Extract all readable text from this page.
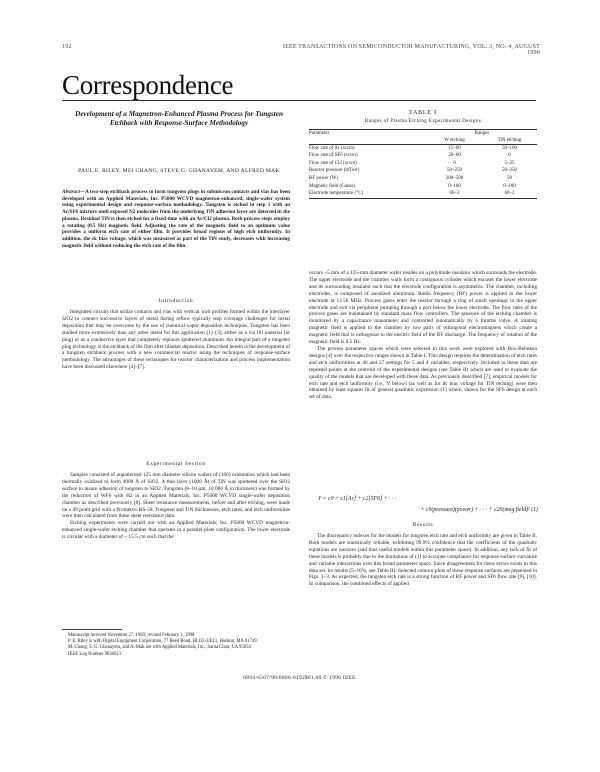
192	IEEE TRANSACTIONS ON SEMICONDUCTOR MANUFACTURING, VOL. 3, NO. 4, AUGUST 1990
Correspondence
Development of a Magnetron-Enhanced Plasma Process for Tungsten Etchback with Response-Surface Methodology
PAUL E. RILEY, MEI CHANG, STEVE G. GHANAYEM, AND ALFRED MAK
Abstract—A two-step etchback process to form tungsten plugs in submicron contacts and vias has been developed with an Applied Materials, Inc. P5000 WCVD magnetron-enhanced, single-wafer system using experimental design and response-surface methodology. Tungsten is etched in step 1 with an Ar/SF6 mixture until exposed N2 molecules from the underlying TiN adhesion layer are detected in the plasma. Residual TiN is then etched for a fixed time with an Ar/Cl2 plasma. Both process steps employ a rotating (0.5 Hz) magnetic field. Adjusting the rate of the magnetic field to an optimum value provides a uniform etch rate of either film. It provides broad regions of high etch uniformity. In addition, the dc bias voltage, which was measured as part of the TiN study, decreases with increasing magnetic field without reducing the etch rate of the film.
Introduction

Integrated circuits that utilize contacts and vias with vertical wall profiles formed within the interlayer SiO2 to connect successive layers of metal during reflow typically step coverage challenges for metal deposition that may be overcome by the use of chemical-vapor deposition techniques. Tungsten has been studied more extensively than any other metal for this application [1]–[3], either as a via fill material (or plug) or as a conductive layer that completely replaces sputtered aluminum. An integral part of a tungsten plug technology is the etchback of the film after blanket deposition. Described herein is the development of a tungsten etchback process with a new commercial reactor using the techniques of response-surface methodology. The advantages of these techniques for reactor characterization and process implementation have been discussed elsewhere [4]–[7].

Experimental Section

Samples consisted of unpatterned 125 mm diameter silicon wafers of (100) orientation which had been thermally oxidized to form 4000 Å of SiO2. A thin layer (1000 Å) of TiN was sputtered over the SiO2 surface to insure adhesion of tungsten to SiO2. Tungsten (8–10 µm, 10 000 Å in thickness) was formed by the reduction of WF6 with H2 in an Applied Materials, Inc. P5000 WCVD single-wafer deposition chamber as described previously [8]. Sheet resistance measurements, before and after etching, were made on a 49 point grid with a Prometrix RS-50. Tungsten and TiN thicknesses, etch rates, and etch uniformities were then calculated from these sheet resistance data.

Etching experiments were carried out with an Applied Materials, Inc. P5000 WCVD magnetron-enhanced single-wafer etching chamber that operates in a parallel-plate configuration. The lower electrode is circular with a diameter of ~ 15.5 cm such that the

Manuscript received November 27, 1989; revised February 1, 1990.

P. E. Riley is with Digital Equipment Corporation, 77 Reed Road, HLO2-3/E11, Hudson, MA 01749.

M. Chang, S. G. Ghanayem, and A. Mak are with Applied Materials, Inc., Santa Clara, CA 95054.

IEEE Log Number 9036613.

TABLE I
Ranges of Plasma Etching Experimental Designs
Parameter	Ranges	
	W etching	TiN etching
Flow rate of Ar (sccm)	15–60	50–100
Flow rate of SF6 (sccm)	20–60	0
Flow rate of Cl2 (sccm)	0	5–25
Reactor pressure (mTorr)	50–250	50–250
RF power (W)	200–500	50
Magnetic field (Gauss)	0–100	0–100
Electrode temperature (°C)	60–2	60–2

occurs ~5 mm of a 125-mm diameter wafer resides on a polyimide insulator which surrounds the electrode. The upper electrode and the chamber walls form a contiguous cylinder which encases the lower electrode and its surrounding insulator such that the electrode configuration is asymmetric. The chamber, including electrodes, is composed of anodized aluminum. Radio frequency (RF) power is applied to the lower electrode at 13.56 MHz. Process gases enter the reactor through a ring of small openings in the upper electrode and exit via peripheral pumping through a port below the lower electrode. The flow rates of the process gases are maintained by standard mass flow controllers. The pressure of the etching chamber is monitored by a capacitance manometer and controlled automatically by a throttle valve. A rotating magnetic field is applied to the chamber by two pairs of orthogonal electromagnets which create a magnetic field that is orthogonal to the electric field of the RF discharge. The frequency of rotation of the magnetic field is 0.5 Hz.

The process parameter spaces which were selected in this work were explored with Box-Behnken designs [4] over the respective ranges shown in Table I. This design requires the determination of etch rates and etch uniformities at 46 and 27 settings for 5 and 4 variables, respectively. Included in these data are repeated points at the centroid of the experimental designs (see Table II) which are used to evaluate the quality of the models that are developed with these data. As previously described [7], empirical models for etch rate and etch uniformity (i.e., Y below) (as well as for dc bias voltage for TiN etching) were then obtained by least squares fit of general quadratic expression (1) where, shown for the SF6 design at each set of data.

Y = c0 + c1[Ar] + c2[SF6] + · · ·
+ c9(pressure)(power) + · · · + c20(mag field)² (1)
Results

The discrepancy indexes for the models for tungsten etch rate and etch uniformity are given in Table II. Both models are statistically reliable, exhibiting 99.9% confidence that the coefficients of the quadratic equations are nonzero (and thus useful models within this parameter space). In addition, any lack of fit of these models is probably due to the limitations of (1) to accurate compliance for response surface curvature and variable interactions over this broad parameter space. Since disagreement for these errors exists in this data set, its results (5–16%, see Table II). Selected contour plots of these response surfaces are presented in Figs. 1–3. As expected, the tungsten etch rate is a strong function of RF power and SF6 flow rate [9], [10]. In comparison, the combined effects of applied

0894-6507/90/0800-0192$01.00 © 1990 IEEE
